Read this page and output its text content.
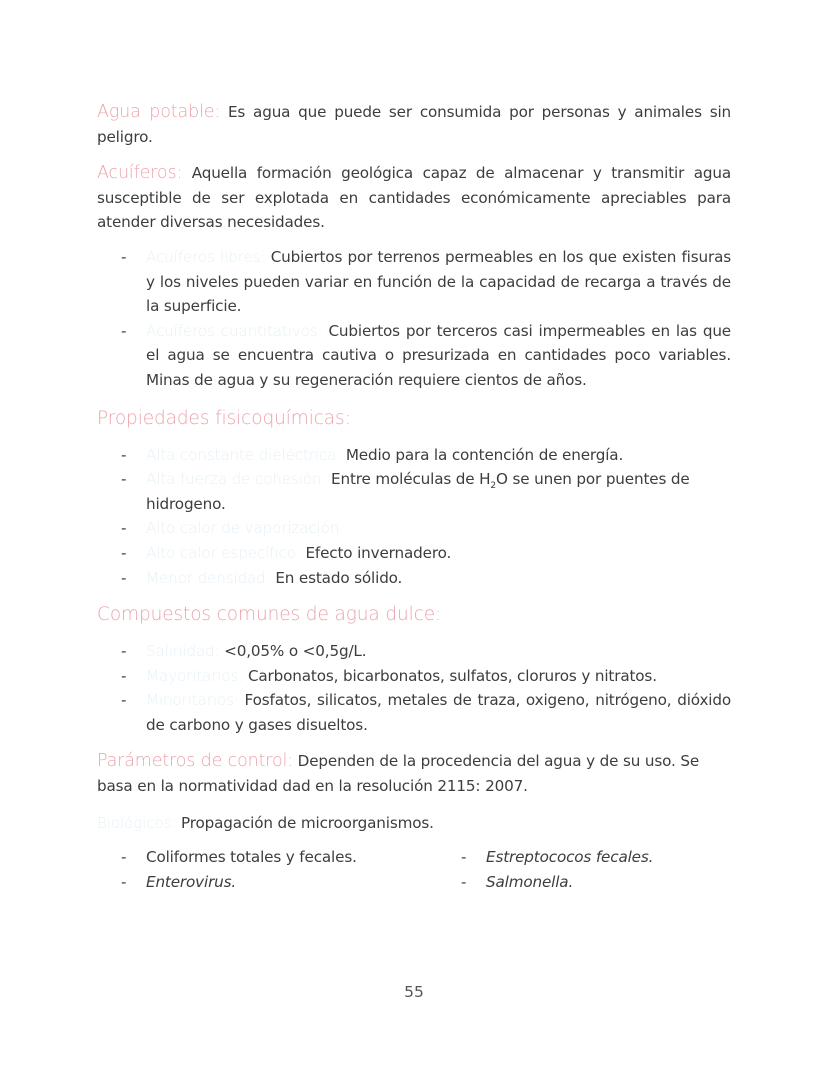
Agua potable: Es agua que puede ser consumida por personas y animales sin peligro.

Acuíferos: Aquella formación geológica capaz de almacenar y transmitir agua susceptible de ser explotada en cantidades económicamente apreciables para atender diversas necesidades.

- Acuíferos libres: Cubiertos por terrenos permeables en los que existen fisuras y los niveles pueden variar en función de la capacidad de recarga a través de la superficie.
- Acuíferos cuantitativos: Cubiertos por terceros casi impermeables en las que el agua se encuentra cautiva o presurizada en cantidades poco variables. Minas de agua y su regeneración requiere cientos de años.
Propiedades fisicoquímicas:
- Alta constante dieléctrica: Medio para la contención de energía.
- Alta fuerza de cohesión: Entre moléculas de $H_2O$ se unen por puentes de hidrogeno.
- Alto calor de vaporización
- Alto calor específico: Efecto invernadero.
- Menor densidad: En estado sólido.
Compuestos comunes de agua dulce:
- Salinidad: <0,05% o <0,5g/L.
- Mayoritarios: Carbonatos, bicarbonatos, sulfatos, cloruros y nitratos.
- Minoritarios: Fosfatos, silicatos, metales de traza, oxigeno, nitrógeno, dióxido de carbono y gases disueltos.

Parámetros de control: Dependen de la procedencia del agua y de su uso. Se basa en la normatividad dad en la resolución 2115: 2007.

Biológicos: Propagación de microorganismos.

- Coliformes totales y fecales.	- Estreptococos fecales.
- Enterovirus.	- Salmonella.
55
